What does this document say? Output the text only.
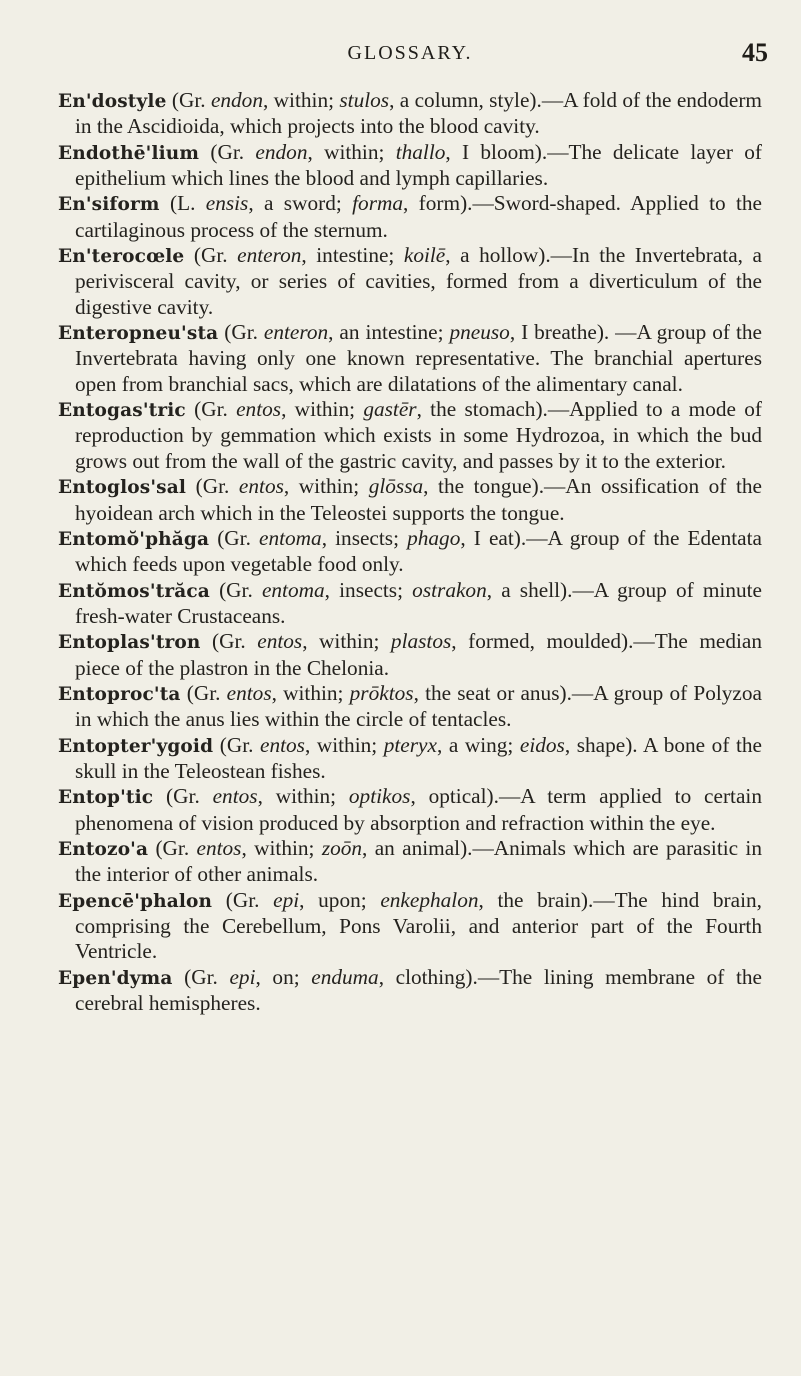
GLOSSARY.	45

En'dostyle (Gr. endon, within; stulos, a column, style).—A fold of the endoderm in the Ascidioida, which projects into the blood cavity.

Endothē'lium (Gr. endon, within; thallo, I bloom).—The delicate layer of epithelium which lines the blood and lymph capillaries.

En'siform (L. ensis, a sword; forma, form).—Sword-shaped. Applied to the cartilaginous process of the sternum.

En'terocœle (Gr. enteron, intestine; koilē, a hollow).—In the Invertebrata, a perivisceral cavity, or series of cavities, formed from a diverticulum of the digestive cavity.

Enteropneu'sta (Gr. enteron, an intestine; pneuso, I breathe). —A group of the Invertebrata having only one known representative. The branchial apertures open from branchial sacs, which are dilatations of the alimentary canal.

Entogas'tric (Gr. entos, within; gastēr, the stomach).—Applied to a mode of reproduction by gemmation which exists in some Hydrozoa, in which the bud grows out from the wall of the gastric cavity, and passes by it to the exterior.

Entoglos'sal (Gr. entos, within; glōssa, the tongue).—An ossification of the hyoidean arch which in the Teleostei supports the tongue.

Entomŏ'phăga (Gr. entoma, insects; phago, I eat).—A group of the Edentata which feeds upon vegetable food only.

Entŏmos'trăca (Gr. entoma, insects; ostrakon, a shell).—A group of minute fresh-water Crustaceans.

Entoplas'tron (Gr. entos, within; plastos, formed, moulded).—The median piece of the plastron in the Chelonia.

Entoproc'ta (Gr. entos, within; prōktos, the seat or anus).—A group of Polyzoa in which the anus lies within the circle of tentacles.

Entopter'ygoid (Gr. entos, within; pteryx, a wing; eidos, shape). A bone of the skull in the Teleostean fishes.

Entop'tic (Gr. entos, within; optikos, optical).—A term applied to certain phenomena of vision produced by absorption and refraction within the eye.

Entozo'a (Gr. entos, within; zoōn, an animal).—Animals which are parasitic in the interior of other animals.

Epencē'phalon (Gr. epi, upon; enkephalon, the brain).—The hind brain, comprising the Cerebellum, Pons Varolii, and anterior part of the Fourth Ventricle.

Epen'dyma (Gr. epi, on; enduma, clothing).—The lining membrane of the cerebral hemispheres.
